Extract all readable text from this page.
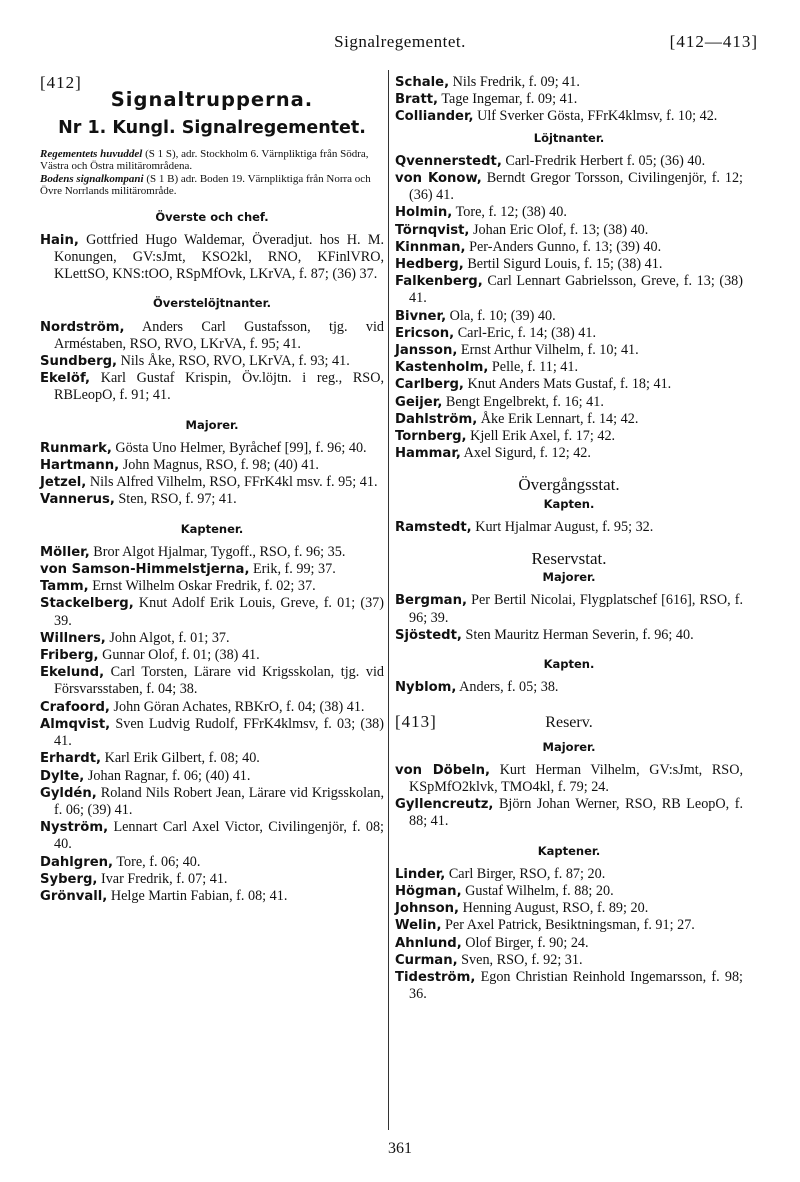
Signalregementet.	[412—413]

[412]

Signaltrupperna.
Nr 1. Kungl. Signalregementet.

Regementets huvuddel (S 1 S), adr. Stockholm 6. Värnpliktiga från Södra, Västra och Östra militärområdena.

Bodens signalkompani (S 1 B) adr. Boden 19. Värnpliktiga från Norra och Övre Norrlands militärområde.

Överste och chef.

Hain, Gottfried Hugo Waldemar, Överadjut. hos H. M. Konungen, GV:sJmt, KSO2kl, RNO, KFinlVRO, KLettSO, KNS:tOO, RSpMfOvk, LKrVA, f. 87; (36) 37.

Överstelöjtnanter.

Nordström, Anders Carl Gustafsson, tjg. vid Arméstaben, RSO, RVO, LKrVA, f. 95; 41.

Sundberg, Nils Åke, RSO, RVO, LKrVA, f. 93; 41.

Ekelöf, Karl Gustaf Krispin, Öv.löjtn. i reg., RSO, RBLeopO, f. 91; 41.

Majorer.

Runmark, Gösta Uno Helmer, Byråchef [99], f. 96; 40.

Hartmann, John Magnus, RSO, f. 98; (40) 41.

Jetzel, Nils Alfred Vilhelm, RSO, FFrK4kl msv. f. 95; 41.

Vannerus, Sten, RSO, f. 97; 41.

Kaptener.

Möller, Bror Algot Hjalmar, Tygoff., RSO, f. 96; 35.

von Samson-Himmelstjerna, Erik, f. 99; 37.

Tamm, Ernst Wilhelm Oskar Fredrik, f. 02; 37.

Stackelberg, Knut Adolf Erik Louis, Greve, f. 01; (37) 39.

Willners, John Algot, f. 01; 37.

Friberg, Gunnar Olof, f. 01; (38) 41.

Ekelund, Carl Torsten, Lärare vid Krigsskolan, tjg. vid Försvarsstaben, f. 04; 38.

Crafoord, John Göran Achates, RBKrO, f. 04; (38) 41.

Almqvist, Sven Ludvig Rudolf, FFrK4klmsv, f. 03; (38) 41.

Erhardt, Karl Erik Gilbert, f. 08; 40.

Dylte, Johan Ragnar, f. 06; (40) 41.

Gyldén, Roland Nils Robert Jean, Lärare vid Krigsskolan, f. 06; (39) 41.

Nyström, Lennart Carl Axel Victor, Civilingenjör, f. 08; 40.

Dahlgren, Tore, f. 06; 40.

Syberg, Ivar Fredrik, f. 07; 41.

Grönvall, Helge Martin Fabian, f. 08; 41.

Schale, Nils Fredrik, f. 09; 41.

Bratt, Tage Ingemar, f. 09; 41.

Colliander, Ulf Sverker Gösta, FFrK4klmsv, f. 10; 42.

Löjtnanter.

Qvennerstedt, Carl-Fredrik Herbert f. 05; (36) 40.

von Konow, Berndt Gregor Torsson, Civilingenjör, f. 12; (36) 41.

Holmin, Tore, f. 12; (38) 40.

Törnqvist, Johan Eric Olof, f. 13; (38) 40.

Kinnman, Per-Anders Gunno, f. 13; (39) 40.

Hedberg, Bertil Sigurd Louis, f. 15; (38) 41.

Falkenberg, Carl Lennart Gabrielsson, Greve, f. 13; (38) 41.

Bivner, Ola, f. 10; (39) 40.

Ericson, Carl-Eric, f. 14; (38) 41.

Jansson, Ernst Arthur Vilhelm, f. 10; 41.

Kastenholm, Pelle, f. 11; 41.

Carlberg, Knut Anders Mats Gustaf, f. 18; 41.

Geijer, Bengt Engelbrekt, f. 16; 41.

Dahlström, Åke Erik Lennart, f. 14; 42.

Tornberg, Kjell Erik Axel, f. 17; 42.

Hammar, Axel Sigurd, f. 12; 42.

Övergångsstat.
Kapten.

Ramstedt, Kurt Hjalmar August, f. 95; 32.

Reservstat.
Majorer.

Bergman, Per Bertil Nicolai, Flygplatschef [616], RSO, f. 96; 39.

Sjöstedt, Sten Mauritz Herman Severin, f. 96; 40.

Kapten.

Nyblom, Anders, f. 05; 38.

[413]	Reserv.
Majorer.

von Döbeln, Kurt Herman Vilhelm, GV:sJmt, RSO, KSpMfO2klvk, TMO4kl, f. 79; 24.

Gyllencreutz, Björn Johan Werner, RSO, RB LeopO, f. 88; 41.

Kaptener.

Linder, Carl Birger, RSO, f. 87; 20.

Högman, Gustaf Wilhelm, f. 88; 20.

Johnson, Henning August, RSO, f. 89; 20.

Welin, Per Axel Patrick, Besiktningsman, f. 91; 27.

Ahnlund, Olof Birger, f. 90; 24.

Curman, Sven, RSO, f. 92; 31.

Tideström, Egon Christian Reinhold Ingemarsson, f. 98; 36.

361
